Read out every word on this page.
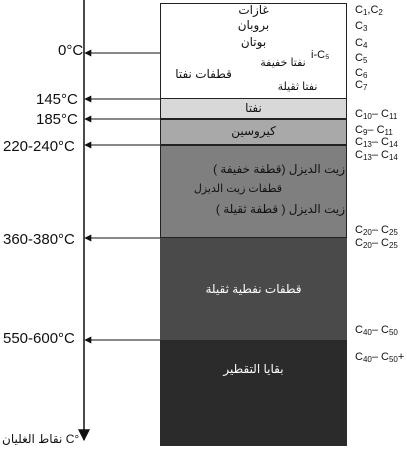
غازات
بروبان
بوتان
قطفات نفتا
نفتا خفيفة
i-C₅
نفتا ثقيلة
نفتا
كيروسين
زيت الديزل (قطفة خفيفة )
قطفات زيت الديزل
زيت الديزل ( قطفة ثقيلة )
قطفات نفطية ثقيلة
بقايا التقطير
0°C
145°C
185°C
220-240°C
360-380°C
550-600°C
°C نقاط الغليان
$C_1,C_2$
$C_3$
$C_4$
$C_5$
$C_6$
$C_7$
$C_{10}-$ $C_{11}$
$C_9-$ $C_{11}$
$C_{13}-$ $C_{14}$
$C_{13}-$ $C_{14}$
$C_{20}-$ $C_{25}$
$C_{20}-$ $C_{25}$
$C_{40}-$ $C_{50}$
$C_{40}-$ $C_{50}+$
